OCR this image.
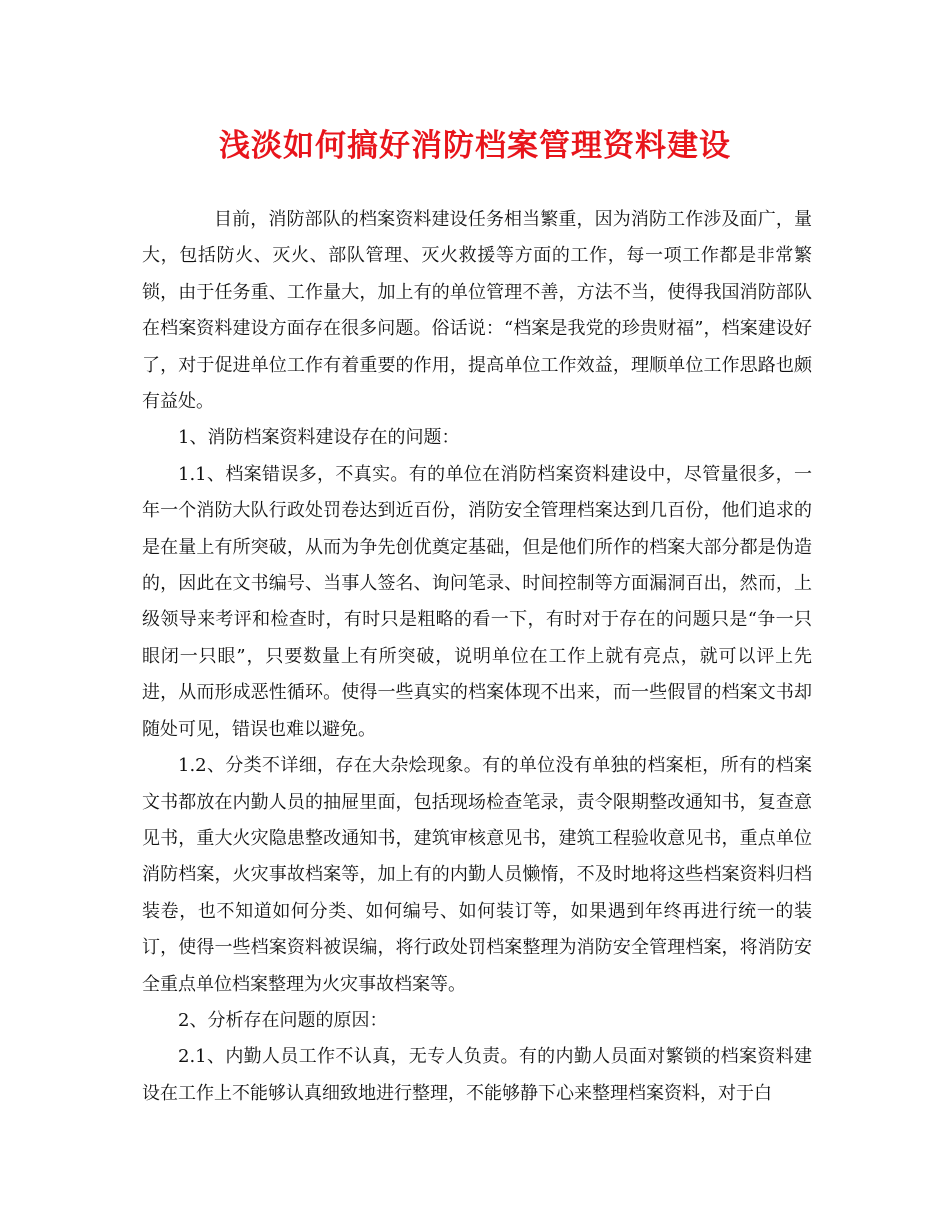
浅淡如何搞好消防档案管理资料建设

目前，消防部队的档案资料建设任务相当繁重，因为消防工作涉及面广，量大，包括防火、灭火、部队管理、灭火救援等方面的工作，每一项工作都是非常繁锁，由于任务重、工作量大，加上有的单位管理不善，方法不当，使得我国消防部队在档案资料建设方面存在很多问题。俗话说：“档案是我党的珍贵财福”，档案建设好了，对于促进单位工作有着重要的作用，提高单位工作效益，理顺单位工作思路也颇有益处。

1、消防档案资料建设存在的问题：

1.1、档案错误多，不真实。有的单位在消防档案资料建设中，尽管量很多，一年一个消防大队行政处罚卷达到近百份，消防安全管理档案达到几百份，他们追求的是在量上有所突破，从而为争先创优奠定基础，但是他们所作的档案大部分都是伪造的，因此在文书编号、当事人签名、询问笔录、时间控制等方面漏洞百出，然而，上级领导来考评和检查时，有时只是粗略的看一下，有时对于存在的问题只是“争一只眼闭一只眼”，只要数量上有所突破，说明单位在工作上就有亮点，就可以评上先进，从而形成恶性循环。使得一些真实的档案体现不出来，而一些假冒的档案文书却随处可见，错误也难以避免。

1.2、分类不详细，存在大杂烩现象。有的单位没有单独的档案柜，所有的档案文书都放在内勤人员的抽屉里面，包括现场检查笔录，责令限期整改通知书，复查意见书，重大火灾隐患整改通知书，建筑审核意见书，建筑工程验收意见书，重点单位消防档案，火灾事故档案等，加上有的内勤人员懒惰，不及时地将这些档案资料归档装卷，也不知道如何分类、如何编号、如何装订等，如果遇到年终再进行统一的装订，使得一些档案资料被误编，将行政处罚档案整理为消防安全管理档案，将消防安全重点单位档案整理为火灾事故档案等。

2、分析存在问题的原因：

2.1、内勤人员工作不认真，无专人负责。有的内勤人员面对繁锁的档案资料建设在工作上不能够认真细致地进行整理，不能够静下心来整理档案资料，对于白
